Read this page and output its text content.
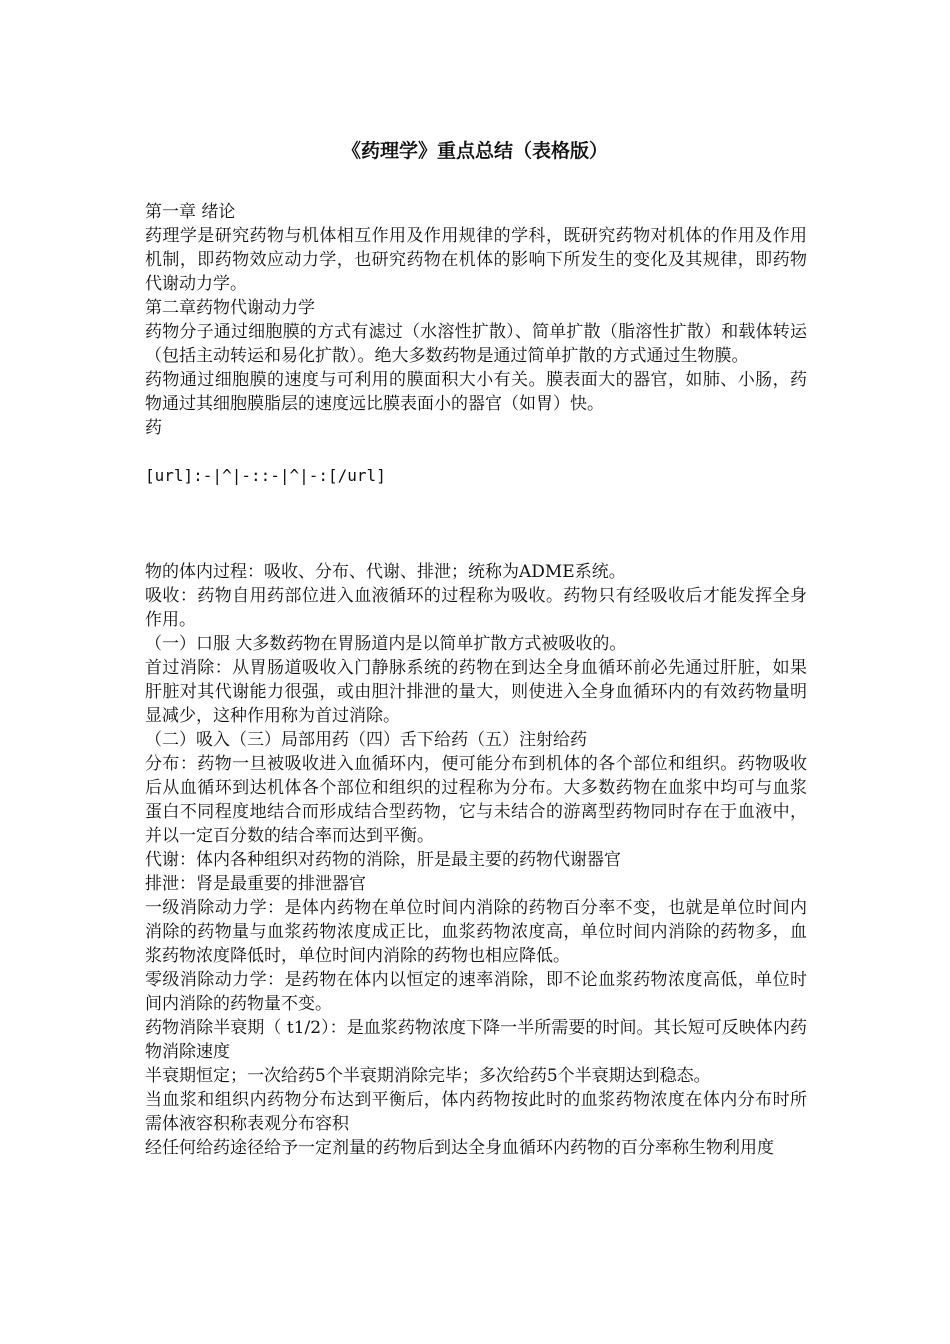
《药理学》重点总结（表格版）

第一章 绪论

药理学是研究药物与机体相互作用及作用规律的学科，既研究药物对机体的作用及作用机制，即药物效应动力学，也研究药物在机体的影响下所发生的变化及其规律，即药物代谢动力学。

第二章药物代谢动力学

药物分子通过细胞膜的方式有滤过（水溶性扩散）、简单扩散（脂溶性扩散）和载体转运（包括主动转运和易化扩散）。绝大多数药物是通过简单扩散的方式通过生物膜。

药物通过细胞膜的速度与可利用的膜面积大小有关。膜表面大的器官，如肺、小肠，药物通过其细胞膜脂层的速度远比膜表面小的器官（如胃）快。

药

[url]:-|^|-::-|^|-:[/url]

物的体内过程：吸收、分布、代谢、排泄；统称为ADME系统。

吸收：药物自用药部位进入血液循环的过程称为吸收。药物只有经吸收后才能发挥全身作用。

（一）口服 大多数药物在胃肠道内是以简单扩散方式被吸收的。

首过消除：从胃肠道吸收入门静脉系统的药物在到达全身血循环前必先通过肝脏，如果肝脏对其代谢能力很强，或由胆汁排泄的量大，则使进入全身血循环内的有效药物量明显减少，这种作用称为首过消除。

（二）吸入（三）局部用药（四）舌下给药（五）注射给药

分布：药物一旦被吸收进入血循环内，便可能分布到机体的各个部位和组织。药物吸收后从血循环到达机体各个部位和组织的过程称为分布。大多数药物在血浆中均可与血浆蛋白不同程度地结合而形成结合型药物，它与未结合的游离型药物同时存在于血液中，并以一定百分数的结合率而达到平衡。

代谢：体内各种组织对药物的消除，肝是最主要的药物代谢器官

排泄：肾是最重要的排泄器官

一级消除动力学：是体内药物在单位时间内消除的药物百分率不变，也就是单位时间内消除的药物量与血浆药物浓度成正比，血浆药物浓度高，单位时间内消除的药物多，血浆药物浓度降低时，单位时间内消除的药物也相应降低。

零级消除动力学：是药物在体内以恒定的速率消除，即不论血浆药物浓度高低，单位时间内消除的药物量不变。

药物消除半衰期（ t1/2）：是血浆药物浓度下降一半所需要的时间。其长短可反映体内药物消除速度

半衰期恒定；一次给药5个半衰期消除完毕；多次给药5个半衰期达到稳态。

当血浆和组织内药物分布达到平衡后，体内药物按此时的血浆药物浓度在体内分布时所需体液容积称表观分布容积

经任何给药途径给予一定剂量的药物后到达全身血循环内药物的百分率称生物利用度
